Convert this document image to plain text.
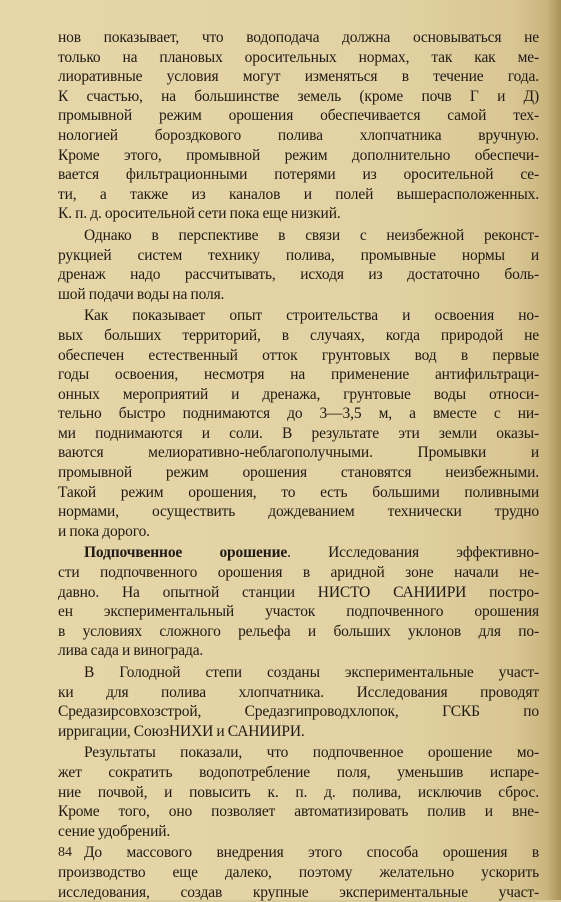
нов показывает, что водоподача должна основываться не
только на плановых оросительных нормах, так как ме-
лиоративные условия могут изменяться в течение года.
К счастью, на большинстве земель (кроме почв Г и Д)
промывной режим орошения обеспечивается самой тех-
нологией бороздкового полива хлопчатника вручную.
Кроме этого, промывной режим дополнительно обеспечи-
вается фильтрационными потерями из оросительной се-
ти, а также из каналов и полей вышерасположенных.
К. п. д. оросительной сети пока еще низкий.

Однако в перспективе в связи с неизбежной реконст-
рукцией систем технику полива, промывные нормы и
дренаж надо рассчитывать, исходя из достаточно боль-
шой подачи воды на поля.

Как показывает опыт строительства и освоения но-
вых больших территорий, в случаях, когда природой не
обеспечен естественный отток грунтовых вод в первые
годы освоения, несмотря на применение антифильтраци-
онных мероприятий и дренажа, грунтовые воды относи-
тельно быстро поднимаются до 3—3,5 м, а вместе с ни-
ми поднимаются и соли. В результате эти земли оказы-
ваются мелиоративно-неблагополучными. Промывки и
промывной режим орошения становятся неизбежными.
Такой режим орошения, то есть большими поливными
нормами, осуществить дождеванием технически трудно
и пока дорого.

Подпочвенное орошение. Исследования эффективно-
сти подпочвенного орошения в аридной зоне начали не-
давно. На опытной станции НИСТО САНИИРИ постро-
ен экспериментальный участок подпочвенного орошения
в условиях сложного рельефа и больших уклонов для по-
лива сада и винограда.

В Голодной степи созданы экспериментальные участ-
ки для полива хлопчатника. Исследования проводят
Средазирсовхозстрой, Средазгипроводхлопок, ГСКБ по
ирригации, СоюзНИХИ и САНИИРИ.

Результаты показали, что подпочвенное орошение мо-
жет сократить водопотребление поля, уменьшив испаре-
ние почвой, и повысить к. п. д. полива, исключив сброс.
Кроме того, оно позволяет автоматизировать полив и вне-
сение удобрений.

До массового внедрения этого способа орошения в
производство еще далеко, поэтому желательно ускорить
исследования, создав крупные экспериментальные участ-

84
